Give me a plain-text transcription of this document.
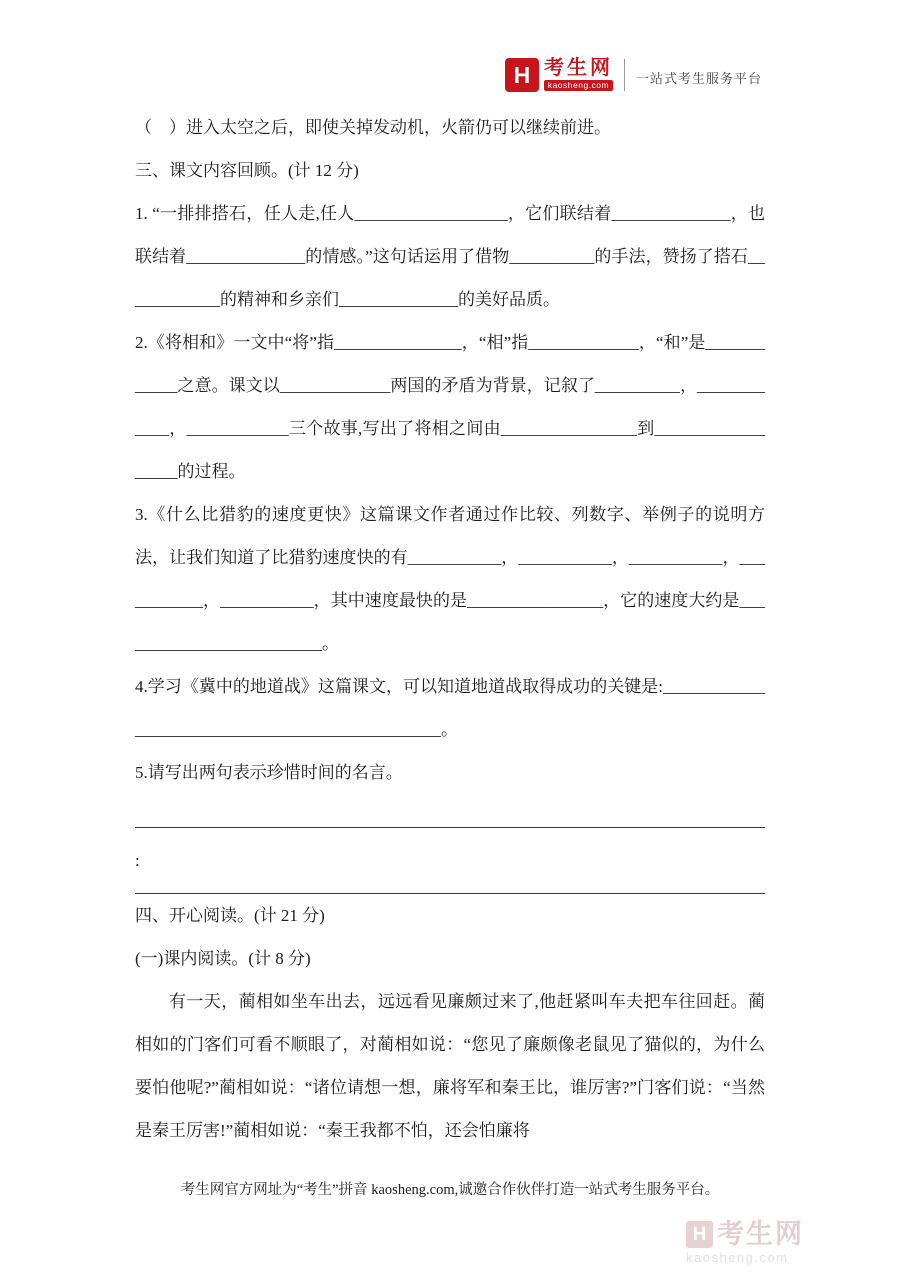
H 考生网
kaosheng.com 一站式考生服务平台

（　）进入太空之后，即使关掉发动机，火箭仍可以继续前进。

三、课文内容回顾。(计 12 分)

1. “一排排搭石，任人走,任人__________________，它们联结着______________，也联结着______________的情感。”这句话运用了借物__________的手法，赞扬了搭石____________的精神和乡亲们______________的美好品质。

2.《将相和》一文中“将”指_______________，“相”指_____________，“和”是____________之意。课文以_____________两国的矛盾为背景，记叙了__________，____________，____________三个故事,写出了将相之间由________________到__________________的过程。

3.《什么比猎豹的速度更快》这篇课文作者通过作比较、列数字、举例子的说明方法，让我们知道了比猎豹速度快的有___________，___________，___________，___________，___________，其中速度最快的是________________，它的速度大约是_________________________。

4.学习《冀中的地道战》这篇课文，可以知道地道战取得成功的关键是:________________________________________________。

5.请写出两句表示珍惜时间的名言。

:

四、开心阅读。(计 21 分)

(一)课内阅读。(计 8 分)

有一天，蔺相如坐车出去，远远看见廉颇过来了,他赶紧叫车夫把车往回赶。蔺相如的门客们可看不顺眼了，对蔺相如说：“您见了廉颇像老鼠见了猫似的，为什么要怕他呢?”蔺相如说：“诸位请想一想，廉将军和秦王比，谁厉害?”门客们说：“当然是秦王厉害!”蔺相如说：“秦王我都不怕，还会怕廉将

考生网官方网址为“考生”拼音 kaosheng.com,诚邀合作伙伴打造一站式考生服务平台。
H 考生网
kaosheng.com
